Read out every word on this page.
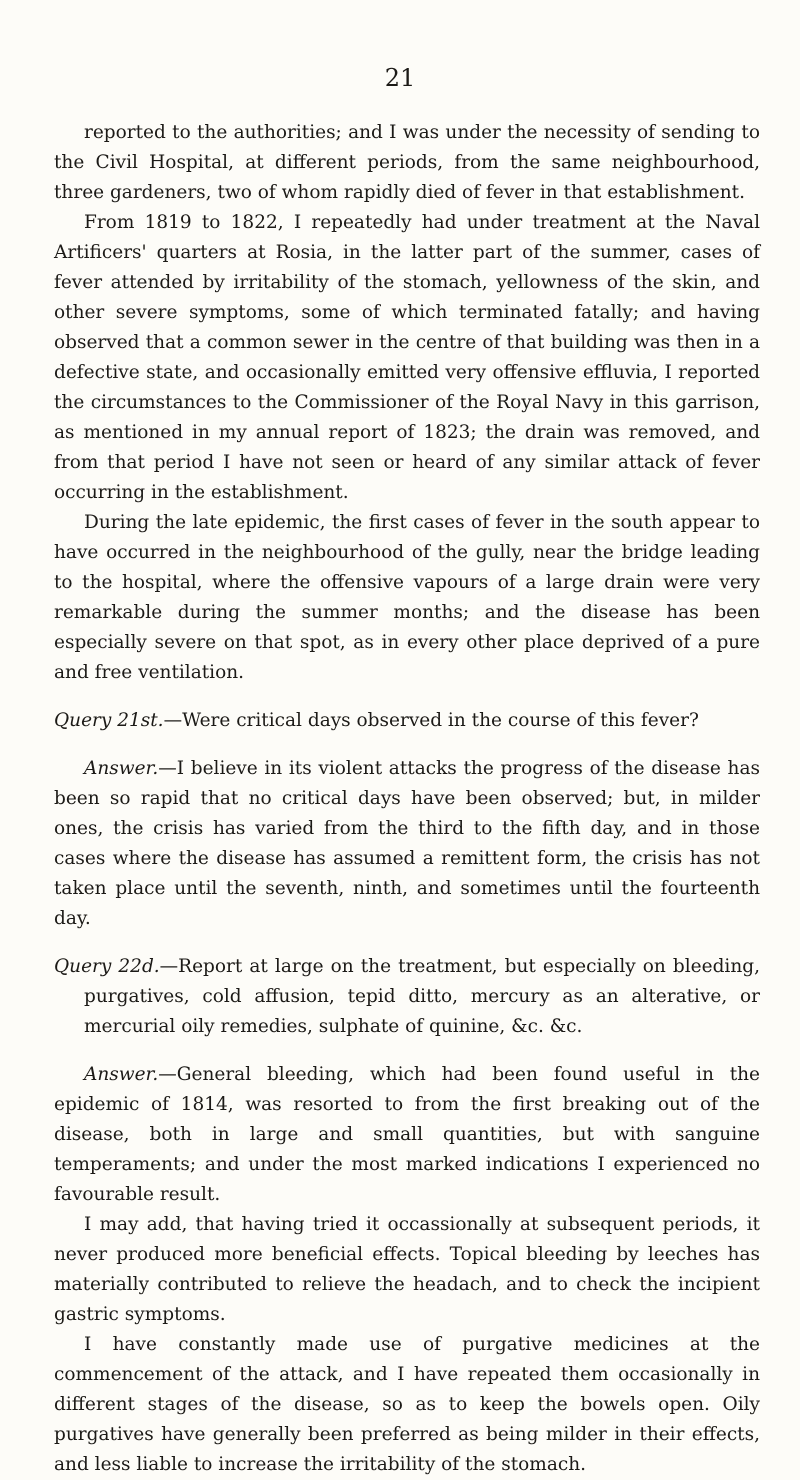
21

reported to the authorities; and I was under the necessity of sending to the Civil Hospital, at different periods, from the same neighbourhood, three gardeners, two of whom rapidly died of fever in that establishment.

From 1819 to 1822, I repeatedly had under treatment at the Naval Artificers' quarters at Rosia, in the latter part of the summer, cases of fever attended by irritability of the stomach, yellowness of the skin, and other severe symptoms, some of which terminated fatally; and having observed that a common sewer in the centre of that building was then in a defective state, and occasionally emitted very offensive effluvia, I reported the circumstances to the Commissioner of the Royal Navy in this garrison, as mentioned in my annual report of 1823; the drain was removed, and from that period I have not seen or heard of any similar attack of fever occurring in the establishment.

During the late epidemic, the first cases of fever in the south appear to have occurred in the neighbourhood of the gully, near the bridge leading to the hospital, where the offensive vapours of a large drain were very remarkable during the summer months; and the disease has been especially severe on that spot, as in every other place deprived of a pure and free ventilation.

Query 21st.—Were critical days observed in the course of this fever?

Answer.—I believe in its violent attacks the progress of the disease has been so rapid that no critical days have been observed; but, in milder ones, the crisis has varied from the third to the fifth day, and in those cases where the disease has assumed a remittent form, the crisis has not taken place until the seventh, ninth, and sometimes until the fourteenth day.

Query 22d.—Report at large on the treatment, but especially on bleeding, purgatives, cold affusion, tepid ditto, mercury as an alterative, or mercurial oily remedies, sulphate of quinine, &c. &c.

Answer.—General bleeding, which had been found useful in the epidemic of 1814, was resorted to from the first breaking out of the disease, both in large and small quantities, but with sanguine temperaments; and under the most marked indications I experienced no favourable result.

I may add, that having tried it occassionally at subsequent periods, it never produced more beneficial effects. Topical bleeding by leeches has materially contributed to relieve the headach, and to check the incipient gastric symptoms.

I have constantly made use of purgative medicines at the commencement of the attack, and I have repeated them occasionally in different stages of the disease, so as to keep the bowels open. Oily purgatives have generally been preferred as being milder in their effects, and less liable to increase the irritability of the stomach.
